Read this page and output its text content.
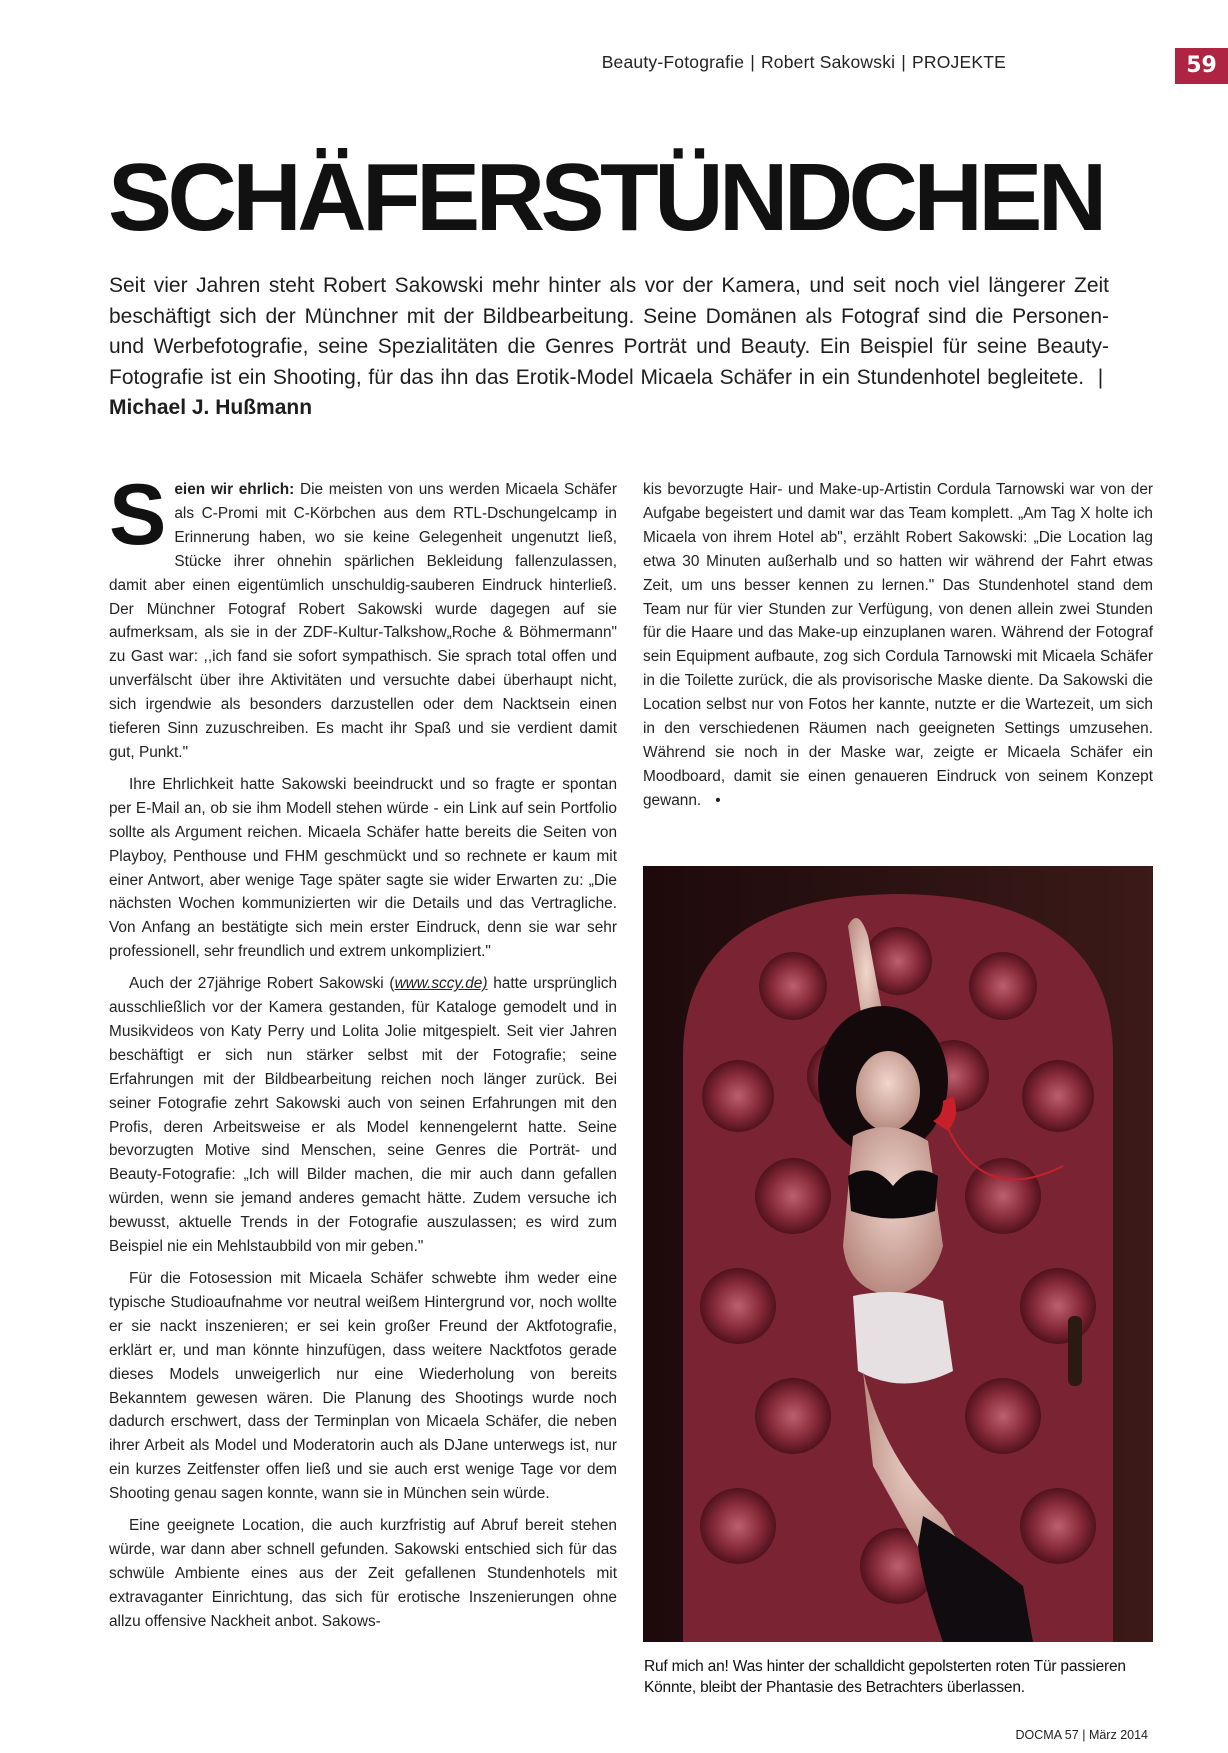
Beauty-Fotografie | Robert Sakowski | PROJEKTE	59
SCHÄFERSTÜNDCHEN

Seit vier Jahren steht Robert Sakowski mehr hinter als vor der Kamera, und seit noch viel längerer Zeit beschäftigt sich der Münchner mit der Bildbearbeitung. Seine Domänen als Fotograf sind die Personen- und Werbefotografie, seine Spezialitäten die Genres Porträt und Beauty. Ein Beispiel für seine Beauty-Fotografie ist ein Shooting, für das ihn das Erotik-Model Micaela Schäfer in ein Stundenhotel begleitete. |  Michael J. Hußmann

Seien wir ehrlich: Die meisten von uns werden Micaela Schäfer als C-Promi mit C-Körbchen aus dem RTL-Dschungelcamp in Erinnerung haben, wo sie keine Gelegenheit ungenutzt ließ, Stücke ihrer ohnehin spärlichen Bekleidung fallenzulassen, damit aber einen eigentümlich unschuldig-sauberen Eindruck hinterließ. Der Münchner Fotograf Robert Sakowski wurde dagegen auf sie aufmerksam, als sie in der ZDF-Kultur-Talkshow„Roche & Böhmermann" zu Gast war: ,,ich fand sie sofort sympathisch. Sie sprach total offen und unverfälscht über ihre Aktivitäten und versuchte dabei überhaupt nicht, sich irgendwie als besonders darzustellen oder dem Nacktsein einen tieferen Sinn zuzuschreiben. Es macht ihr Spaß und sie verdient damit gut, Punkt."

Ihre Ehrlichkeit hatte Sakowski beeindruckt und so fragte er spontan per E-Mail an, ob sie ihm Modell stehen würde - ein Link auf sein Portfolio sollte als Argument reichen. Micaela Schäfer hatte bereits die Seiten von Playboy, Penthouse und FHM geschmückt und so rechnete er kaum mit einer Antwort, aber wenige Tage später sagte sie wider Erwarten zu: „Die nächsten Wochen kommunizierten wir die Details und das Vertragliche. Von Anfang an bestätigte sich mein erster Eindruck, denn sie war sehr professionell, sehr freundlich und extrem unkompliziert."

Auch der 27jährige Robert Sakowski (www.sccy.de) hatte ursprünglich ausschließlich vor der Kamera gestanden, für Kataloge gemodelt und in Musikvideos von Katy Perry und Lolita Jolie mitgespielt. Seit vier Jahren beschäftigt er sich nun stärker selbst mit der Fotografie; seine Erfahrungen mit der Bildbearbeitung reichen noch länger zurück. Bei seiner Fotografie zehrt Sakowski auch von seinen Erfahrungen mit den Profis, deren Arbeitsweise er als Model kennengelernt hatte. Seine bevorzugten Motive sind Menschen, seine Genres die Porträt- und Beauty-Fotografie: „Ich will Bilder machen, die mir auch dann gefallen würden, wenn sie jemand anderes gemacht hätte. Zudem versuche ich bewusst, aktuelle Trends in der Fotografie auszulassen; es wird zum Beispiel nie ein Mehlstaubbild von mir geben."

Für die Fotosession mit Micaela Schäfer schwebte ihm weder eine typische Studioaufnahme vor neutral weißem Hintergrund vor, noch wollte er sie nackt inszenieren; er sei kein großer Freund der Aktfotografie, erklärt er, und man könnte hinzufügen, dass weitere Nacktfotos gerade dieses Models unweigerlich nur eine Wiederholung von bereits Bekanntem gewesen wären. Die Planung des Shootings wurde noch dadurch erschwert, dass der Terminplan von Micaela Schäfer, die neben ihrer Arbeit als Model und Moderatorin auch als DJane unterwegs ist, nur ein kurzes Zeitfenster offen ließ und sie auch erst wenige Tage vor dem Shooting genau sagen konnte, wann sie in München sein würde.

Eine geeignete Location, die auch kurzfristig auf Abruf bereit stehen würde, war dann aber schnell gefunden. Sakowski entschied sich für das schwüle Ambiente eines aus der Zeit gefallenen Stundenhotels mit extravaganter Einrichtung, das sich für erotische Inszenierungen ohne allzu offensive Nackheit anbot. Sakows-

kis bevorzugte Hair- und Make-up-Artistin Cordula Tarnowski war von der Aufgabe begeistert und damit war das Team komplett. „Am Tag X holte ich Micaela von ihrem Hotel ab", erzählt Robert Sakowski: „Die Location lag etwa 30 Minuten außerhalb und so hatten wir während der Fahrt etwas Zeit, um uns besser kennen zu lernen." Das Stundenhotel stand dem Team nur für vier Stunden zur Verfügung, von denen allein zwei Stunden für die Haare und das Make-up einzuplanen waren. Während der Fotograf sein Equipment aufbaute, zog sich Cordula Tarnowski mit Micaela Schäfer in die Toilette zurück, die als provisorische Maske diente. Da Sakowski die Location selbst nur von Fotos her kannte, nutzte er die Wartezeit, um sich in den verschiedenen Räumen nach geeigneten Settings umzusehen. Während sie noch in der Maske war, zeigte er Micaela Schäfer ein Moodboard, damit sie einen genaueren Eindruck von seinem Konzept gewann. •

Ruf mich an! Was hinter der schalldicht gepolsterten roten Tür passieren Könnte, bleibt der Phantasie des Betrachters überlassen.
DOCMA 57 | März 2014
